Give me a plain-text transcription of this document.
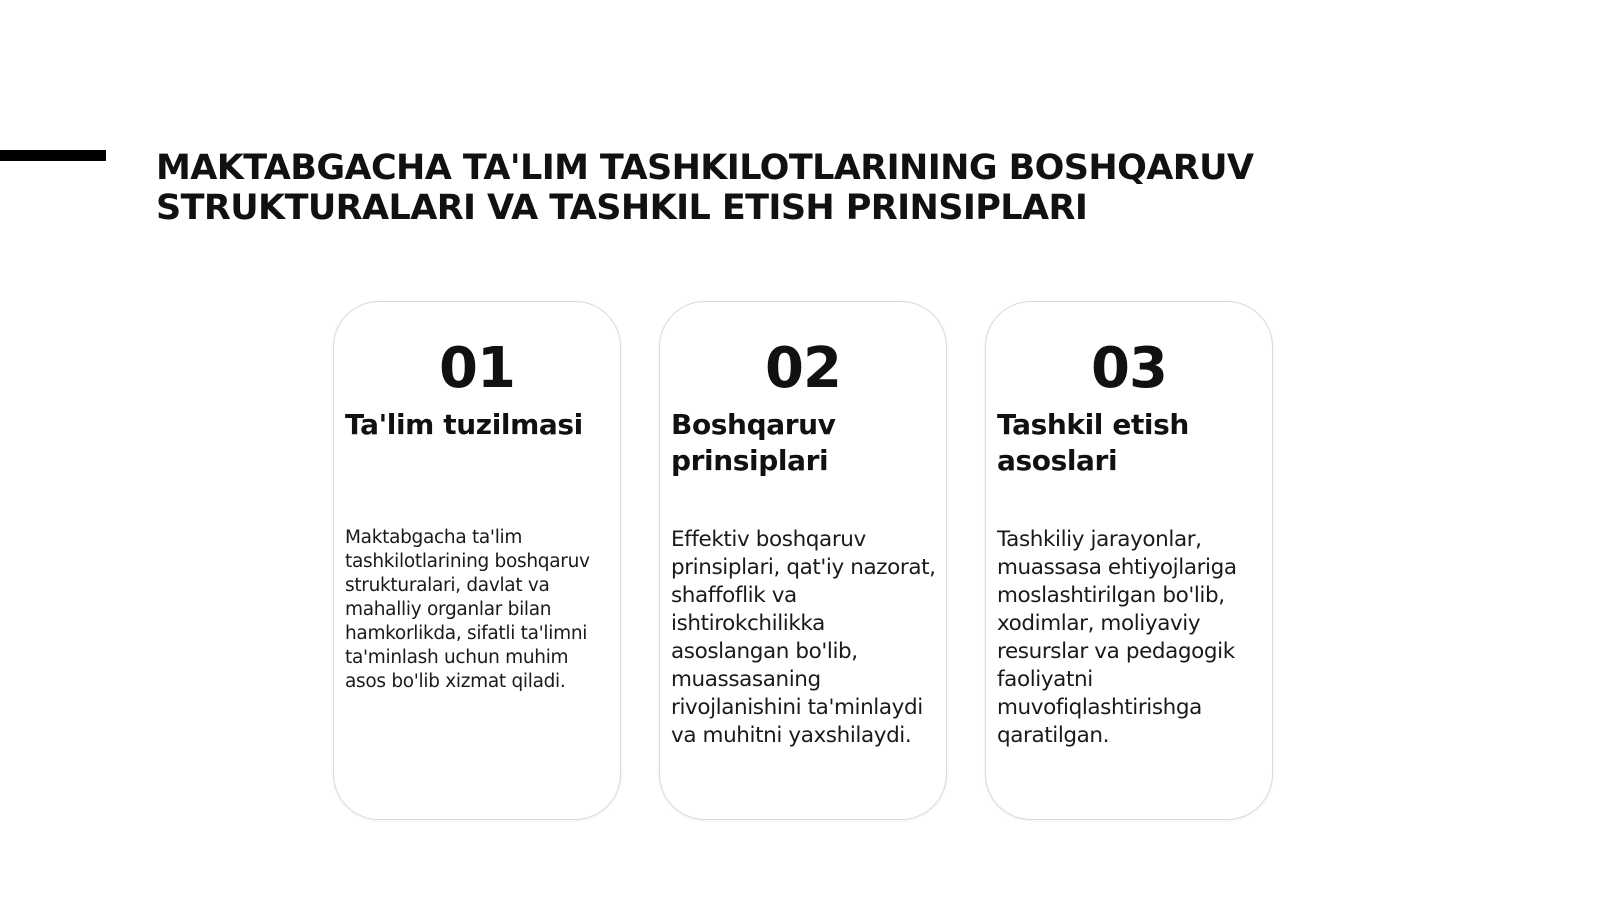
MAKTABGACHA TA'LIM TASHKILOTLARINING BOSHQARUV
STRUKTURALARI VA TASHKIL ETISH PRINSIPLARI
01
Ta'lim tuzilmasi

Maktabgacha ta'lim tashkilotlarining boshqaruv strukturalari, davlat va mahalliy organlar bilan hamkorlikda, sifatli ta'limni ta'minlash uchun muhim asos bo'lib xizmat qiladi.

02
Boshqaruv prinsiplari

Effektiv boshqaruv prinsiplari, qat'iy nazorat, shaffoflik va ishtirokchilikka asoslangan bo'lib, muassasaning rivojlanishini ta'minlaydi va muhitni yaxshilaydi.

03
Tashkil etish asoslari

Tashkiliy jarayonlar, muassasa ehtiyojlariga moslashtirilgan bo'lib, xodimlar, moliyaviy resurslar va pedagogik faoliyatni muvofiqlashtirishga qaratilgan.
